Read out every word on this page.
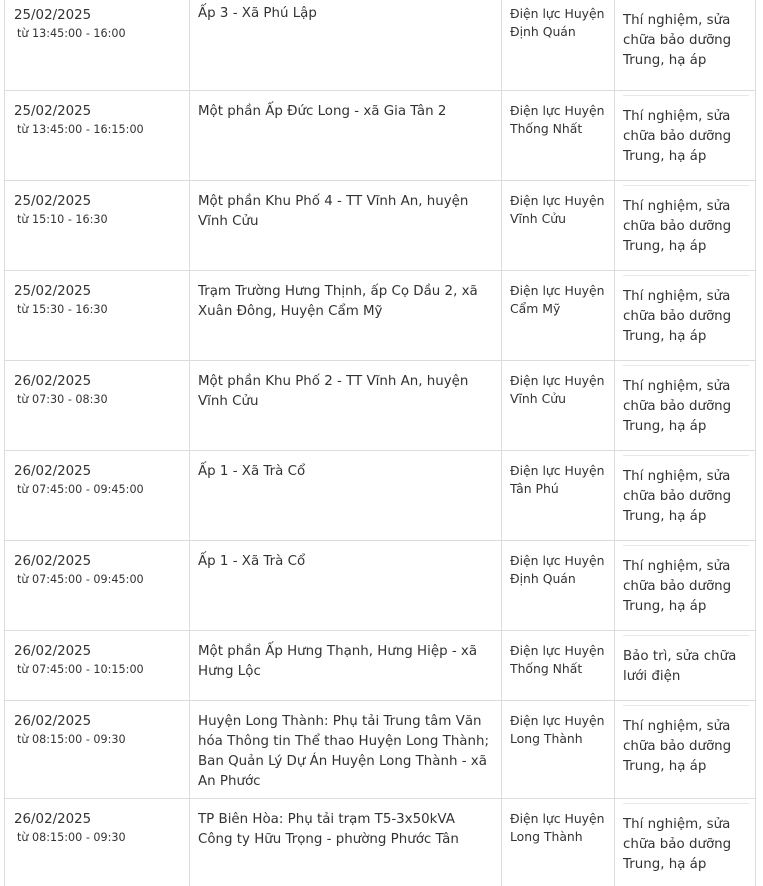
25/02/2025
từ 13:45:00 - 16:00	Ấp 3 - Xã Phú Lập	Điện lực Huyện Định Quán	Thí nghiệm, sửa chữa bảo dưỡng Trung, hạ áp

25/02/2025
từ 13:45:00 - 16:15:00	Một phần Ấp Đức Long - xã Gia Tân 2	Điện lực Huyện Thống Nhất	Thí nghiệm, sửa chữa bảo dưỡng Trung, hạ áp

25/02/2025
từ 15:10 - 16:30	Một phần Khu Phố 4 - TT Vĩnh An, huyện Vĩnh Cửu	Điện lực Huyện Vĩnh Cửu	Thí nghiệm, sửa chữa bảo dưỡng Trung, hạ áp

25/02/2025
từ 15:30 - 16:30	Trạm Trường Hưng Thịnh, ấp Cọ Dầu 2, xã Xuân Đông, Huyện Cẩm Mỹ	Điện lực Huyện Cẩm Mỹ	Thí nghiệm, sửa chữa bảo dưỡng Trung, hạ áp

26/02/2025
từ 07:30 - 08:30	Một phần Khu Phố 2 - TT Vĩnh An, huyện Vĩnh Cửu	Điện lực Huyện Vĩnh Cửu	Thí nghiệm, sửa chữa bảo dưỡng Trung, hạ áp

26/02/2025
từ 07:45:00 - 09:45:00	Ấp 1 - Xã Trà Cổ	Điện lực Huyện Tân Phú	Thí nghiệm, sửa chữa bảo dưỡng Trung, hạ áp

26/02/2025
từ 07:45:00 - 09:45:00	Ấp 1 - Xã Trà Cổ	Điện lực Huyện Định Quán	Thí nghiệm, sửa chữa bảo dưỡng Trung, hạ áp

26/02/2025
từ 07:45:00 - 10:15:00	Một phần Ấp Hưng Thạnh, Hưng Hiệp - xã Hưng Lộc	Điện lực Huyện Thống Nhất	Bảo trì, sửa chữa lưới điện

26/02/2025
từ 08:15:00 - 09:30	Huyện Long Thành: Phụ tải Trung tâm Văn hóa Thông tin Thể thao Huyện Long Thành; Ban Quản Lý Dự Án Huyện Long Thành - xã An Phước	Điện lực Huyện Long Thành	Thí nghiệm, sửa chữa bảo dưỡng Trung, hạ áp

26/02/2025
từ 08:15:00 - 09:30	TP Biên Hòa: Phụ tải trạm T5-3x50kVA Công ty Hữu Trọng - phường Phước Tân	Điện lực Huyện Long Thành	Thí nghiệm, sửa chữa bảo dưỡng Trung, hạ áp
